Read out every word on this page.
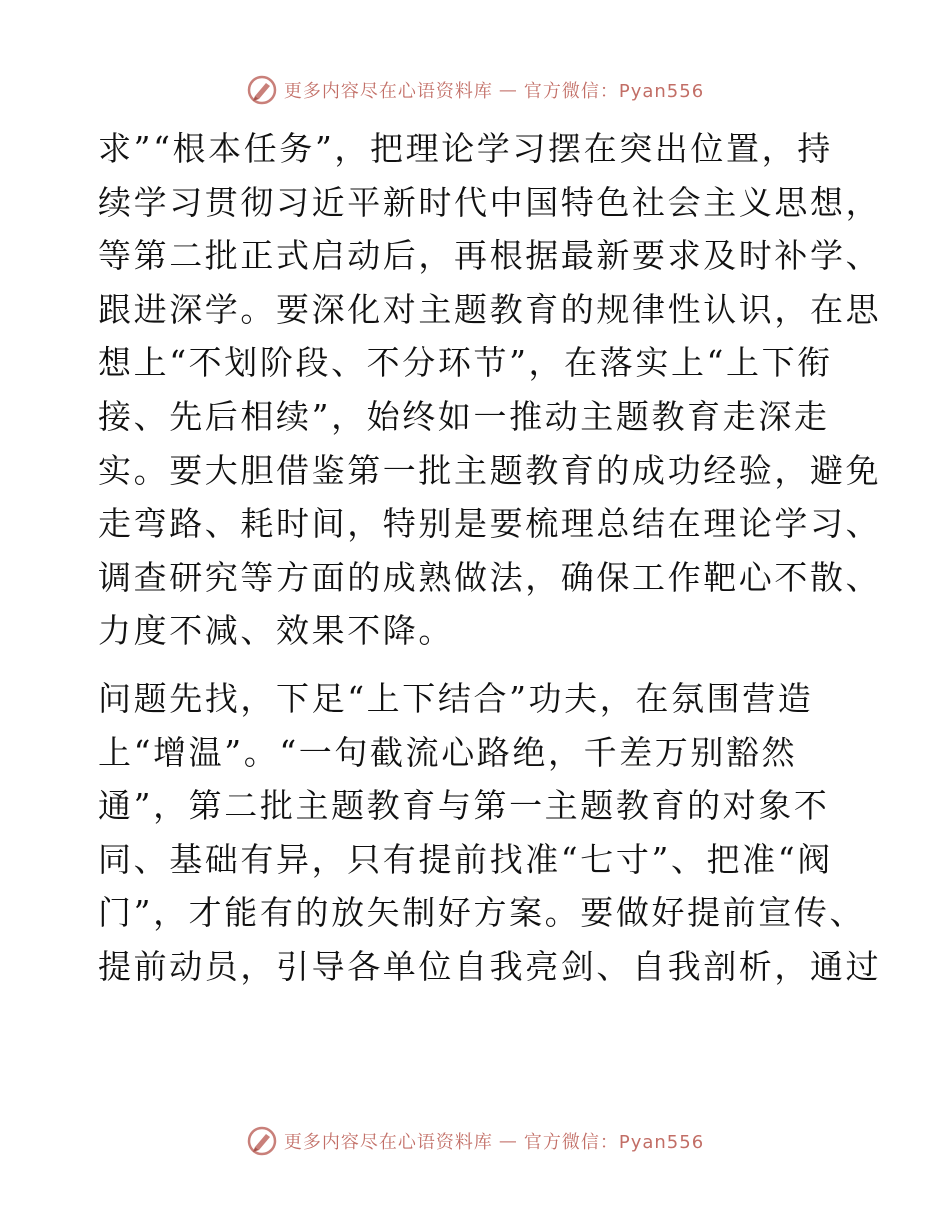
更多内容尽在心语资料库 — 官方微信：Pyan556

求”“根本任务”，把理论学习摆在突出位置，持
续学习贯彻习近平新时代中国特色社会主义思想，
等第二批正式启动后，再根据最新要求及时补学、
跟进深学。要深化对主题教育的规律性认识，在思
想上“不划阶段、不分环节”，在落实上“上下衔
接、先后相续”，始终如一推动主题教育走深走
实。要大胆借鉴第一批主题教育的成功经验，避免
走弯路、耗时间，特别是要梳理总结在理论学习、
调查研究等方面的成熟做法，确保工作靶心不散、
力度不减、效果不降。

问题先找，下足“上下结合”功夫，在氛围营造
上“增温”。“一句截流心路绝，千差万别豁然
通”，第二批主题教育与第一主题教育的对象不
同、基础有异，只有提前找准“七寸”、把准“阀
门”，才能有的放矢制好方案。要做好提前宣传、
提前动员，引导各单位自我亮剑、自我剖析，通过

更多内容尽在心语资料库 — 官方微信：Pyan556
